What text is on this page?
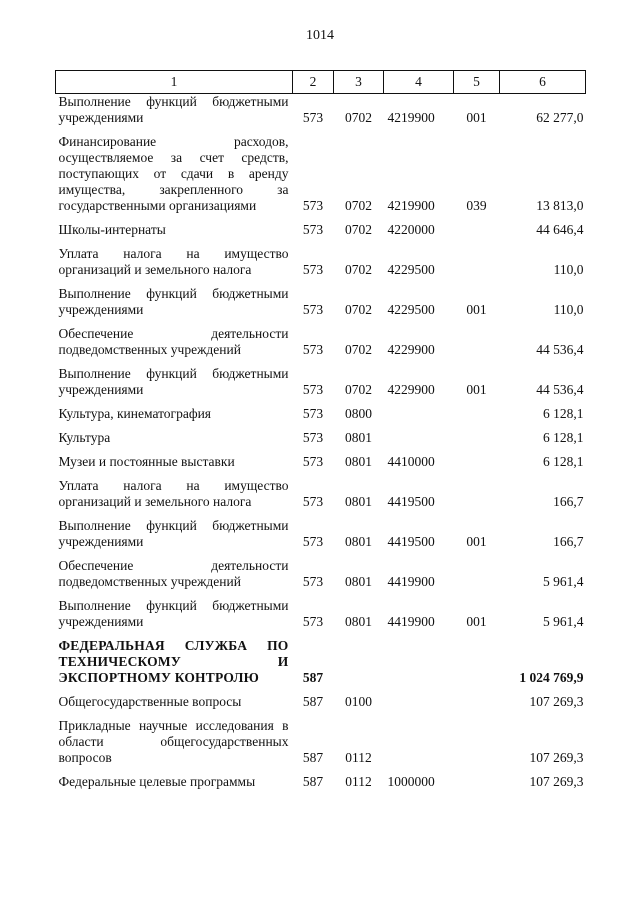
1014
1	2	3	4	5	6
Выполнение функций бюджетными учреждениями	573	0702	4219900	001	62 277,0

Финансирование расходов, осуществляемое за счет средств, поступающих от сдачи в аренду имущества, закрепленного за государственными организациями	573	0702	4219900	039	13 813,0

Школы-интернаты	573	0702	4220000		44 646,4

Уплата налога на имущество организаций и земельного налога	573	0702	4229500		110,0

Выполнение функций бюджетными учреждениями	573	0702	4229500	001	110,0

Обеспечение деятельности подведомственных учреждений	573	0702	4229900		44 536,4

Выполнение функций бюджетными учреждениями	573	0702	4229900	001	44 536,4

Культура, кинематография	573	0800			6 128,1

Культура	573	0801			6 128,1

Музеи и постоянные выставки	573	0801	4410000		6 128,1

Уплата налога на имущество организаций и земельного налога	573	0801	4419500		166,7

Выполнение функций бюджетными учреждениями	573	0801	4419500	001	166,7

Обеспечение деятельности подведомственных учреждений	573	0801	4419900		5 961,4

Выполнение функций бюджетными учреждениями	573	0801	4419900	001	5 961,4

ФЕДЕРАЛЬНАЯ СЛУЖБА ПО ТЕХНИЧЕСКОМУ И ЭКСПОРТНОМУ КОНТРОЛЮ	587				1 024 769,9

Общегосударственные вопросы	587	0100			107 269,3

Прикладные научные исследования в области общегосударственных вопросов	587	0112			107 269,3

Федеральные целевые программы	587	0112	1000000		107 269,3
